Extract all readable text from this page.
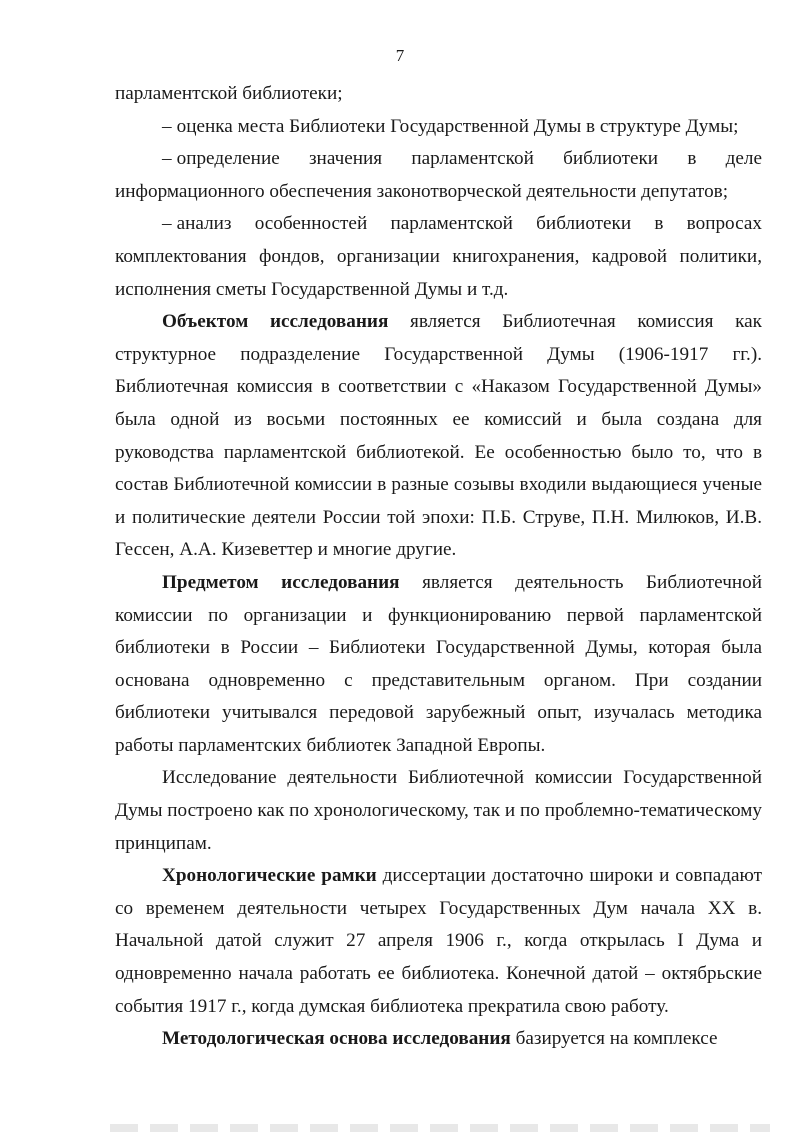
7

парламентской библиотеки;

– оценка места Библиотеки Государственной Думы в структуре Думы;

– определение значения парламентской библиотеки в деле информационного обеспечения законотворческой деятельности депутатов;

– анализ особенностей парламентской библиотеки в вопросах комплектования фондов, организации книгохранения, кадровой политики, исполнения сметы Государственной Думы и т.д.

Объектом исследования является Библиотечная комиссия как структурное подразделение Государственной Думы (1906-1917 гг.). Библиотечная комиссия в соответствии с «Наказом Государственной Думы» была одной из восьми постоянных ее комиссий и была создана для руководства парламентской библиотекой. Ее особенностью было то, что в состав Библиотечной комиссии в разные созывы входили выдающиеся ученые и политические деятели России той эпохи: П.Б. Струве, П.Н. Милюков, И.В. Гессен, А.А. Кизеветтер и многие другие.

Предметом исследования является деятельность Библиотечной комиссии по организации и функционированию первой парламентской библиотеки в России – Библиотеки Государственной Думы, которая была основана одновременно с представительным органом. При создании библиотеки учитывался передовой зарубежный опыт, изучалась методика работы парламентских библиотек Западной Европы.

Исследование деятельности Библиотечной комиссии Государственной Думы построено как по хронологическому, так и по проблемно-тематическому принципам.

Хронологические рамки диссертации достаточно широки и совпадают со временем деятельности четырех Государственных Дум начала XX в. Начальной датой служит 27 апреля 1906 г., когда открылась I Дума и одновременно начала работать ее библиотека. Конечной датой – октябрьские события 1917 г., когда думская библиотека прекратила свою работу.

Методологическая основа исследования базируется на комплексе
